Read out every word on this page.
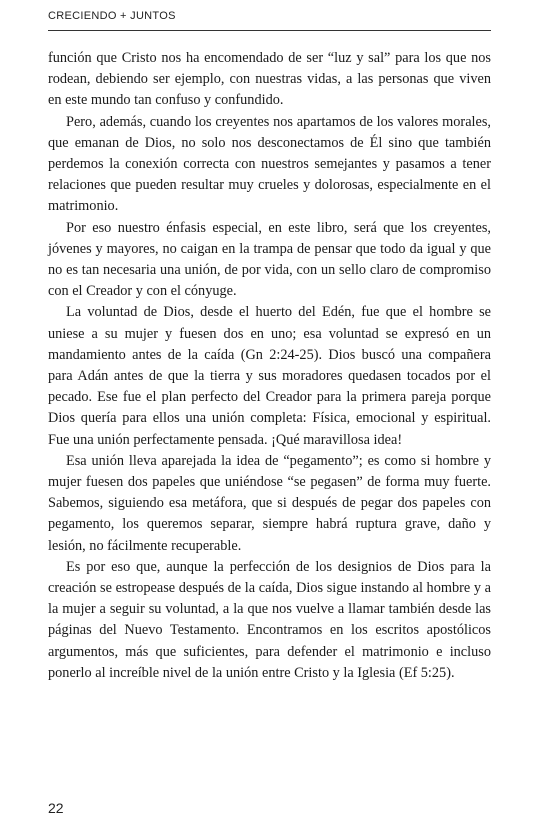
CRECIENDO + JUNTOS

función que Cristo nos ha encomendado de ser “luz y sal” para los que nos rodean, debiendo ser ejemplo, con nuestras vidas, a las personas que viven en este mundo tan confuso y confundido.

Pero, además, cuando los creyentes nos apartamos de los valores morales, que emanan de Dios, no solo nos desconectamos de Él sino que también perdemos la conexión correcta con nuestros semejantes y pasamos a tener relaciones que pueden resultar muy crueles y dolorosas, especialmente en el matrimonio.

Por eso nuestro énfasis especial, en este libro, será que los creyentes, jóvenes y mayores, no caigan en la trampa de pensar que todo da igual y que no es tan necesaria una unión, de por vida, con un sello claro de compromiso con el Creador y con el cónyuge.

La voluntad de Dios, desde el huerto del Edén, fue que el hombre se uniese a su mujer y fuesen dos en uno; esa voluntad se expresó en un mandamiento antes de la caída (Gn 2:24-25). Dios buscó una compañera para Adán antes de que la tierra y sus moradores quedasen tocados por el pecado. Ese fue el plan perfecto del Creador para la primera pareja porque Dios quería para ellos una unión completa: Física, emocional y espiritual. Fue una unión perfectamente pensada. ¡Qué maravillosa idea!

Esa unión lleva aparejada la idea de “pegamento”; es como si hombre y mujer fuesen dos papeles que uniéndose “se pegasen” de forma muy fuerte. Sabemos, siguiendo esa metáfora, que si después de pegar dos papeles con pegamento, los queremos separar, siempre habrá ruptura grave, daño y lesión, no fácilmente recuperable.

Es por eso que, aunque la perfección de los designios de Dios para la creación se estropease después de la caída, Dios sigue instando al hombre y a la mujer a seguir su voluntad, a la que nos vuelve a llamar también desde las páginas del Nuevo Testamento. Encontramos en los escritos apostólicos argumentos, más que suficientes, para defender el matrimonio e incluso ponerlo al increíble nivel de la unión entre Cristo y la Iglesia (Ef 5:25).

22
